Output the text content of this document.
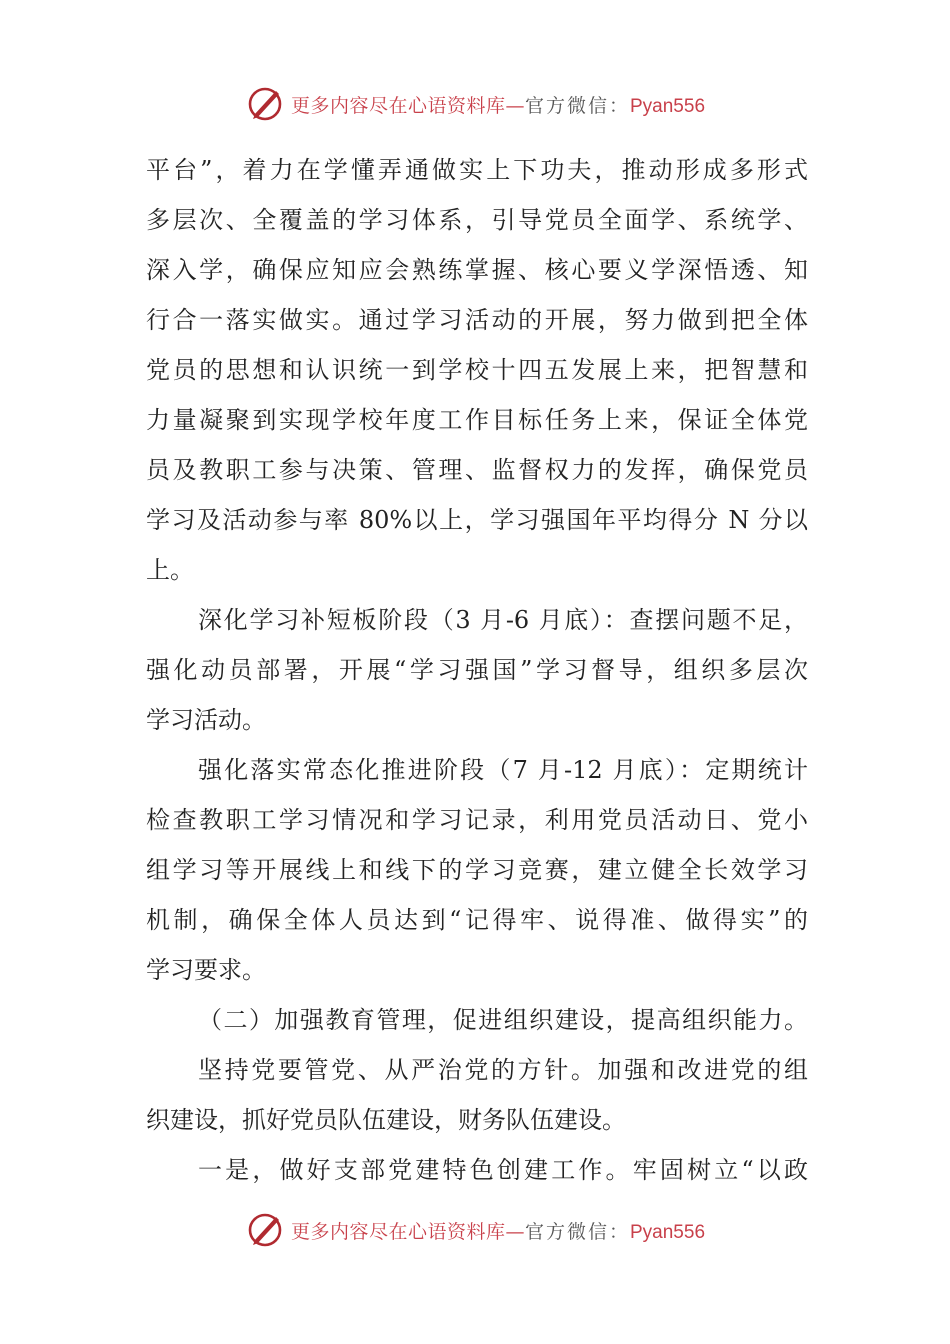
更多内容尽在心语资料库—官方微信：Pyan556
平台”，着力在学懂弄通做实上下功夫，推动形成多形式
多层次、全覆盖的学习体系，引导党员全面学、系统学、
深入学，确保应知应会熟练掌握、核心要义学深悟透、知
行合一落实做实。通过学习活动的开展，努力做到把全体
党员的思想和认识统一到学校十四五发展上来，把智慧和
力量凝聚到实现学校年度工作目标任务上来，保证全体党
员及教职工参与决策、管理、监督权力的发挥，确保党员
学习及活动参与率 80%以上，学习强国年平均得分 N 分以
上。
深化学习补短板阶段（3 月-6 月底）：查摆问题不足，
强化动员部署，开展“学习强国”学习督导，组织多层次
学习活动。
强化落实常态化推进阶段（7 月-12 月底）：定期统计
检查教职工学习情况和学习记录，利用党员活动日、党小
组学习等开展线上和线下的学习竞赛，建立健全长效学习
机制，确保全体人员达到“记得牢、说得准、做得实”的
学习要求。
（二）加强教育管理，促进组织建设，提高组织能力。
坚持党要管党、从严治党的方针。加强和改进党的组
织建设，抓好党员队伍建设，财务队伍建设。
一是，做好支部党建特色创建工作。牢固树立“以政
更多内容尽在心语资料库—官方微信：Pyan556
